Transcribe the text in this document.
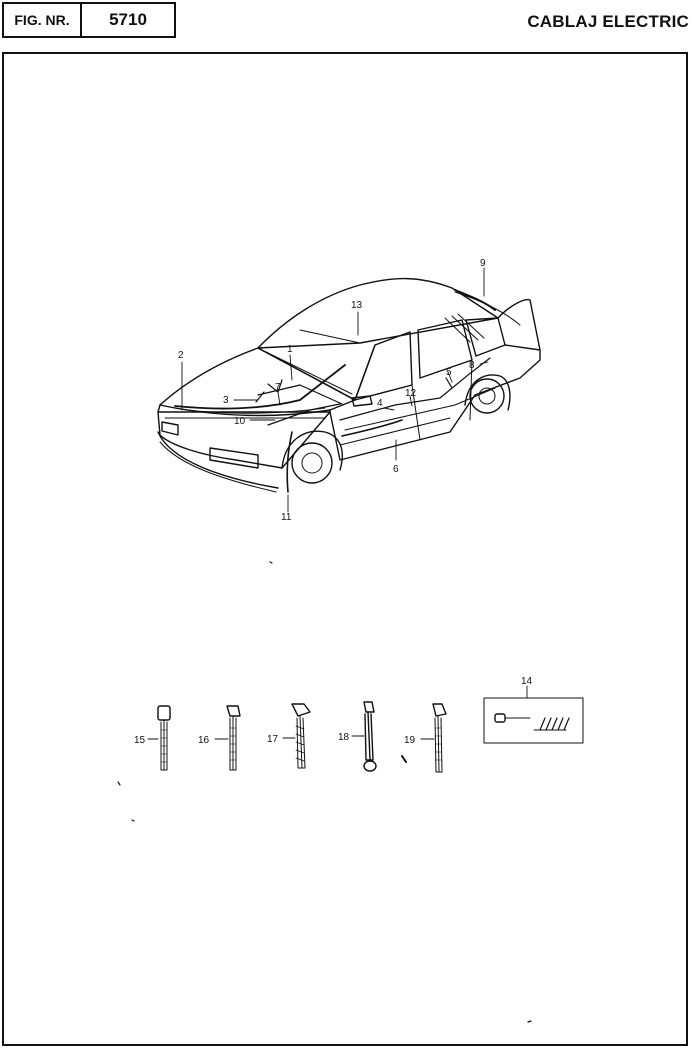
FIG. NR. 5710	CABLAJ ELECTRIC
2
1
3
7
10
13
4
12
6
5
8
9
11
15	16	17	18	19
14
